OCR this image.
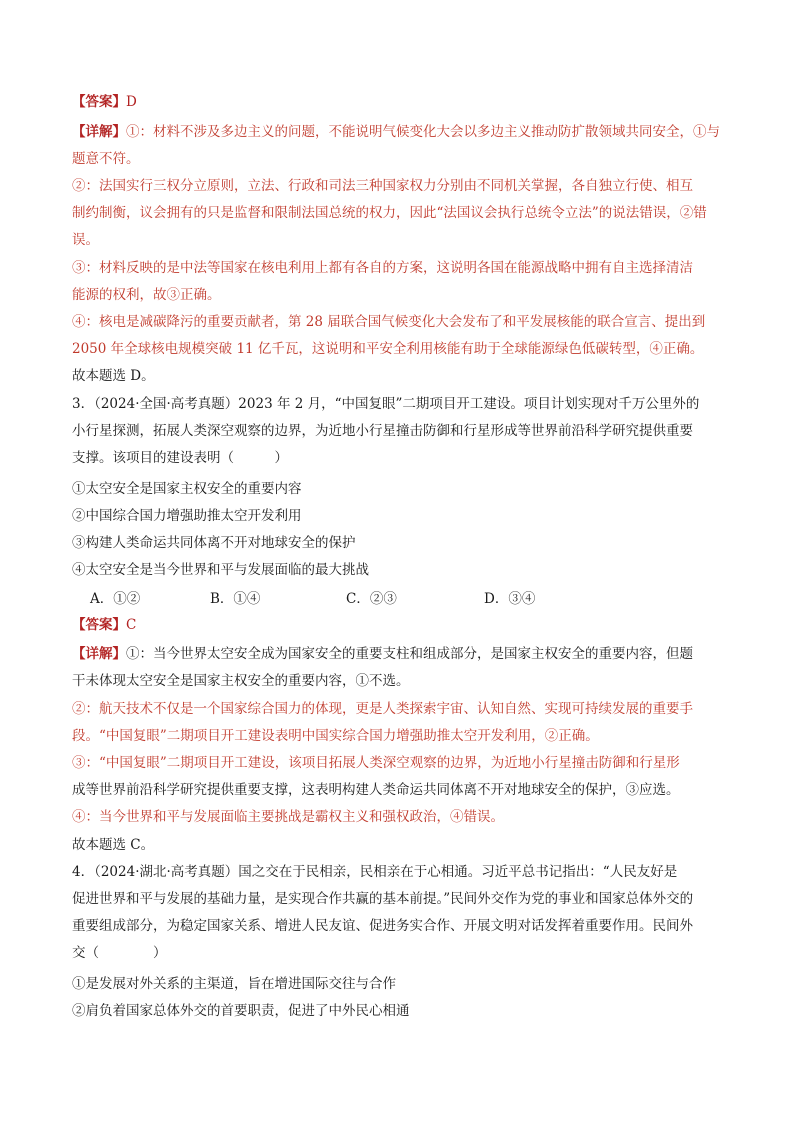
【答案】D
【详解】①：材料不涉及多边主义的问题，不能说明气候变化大会以多边主义推动防扩散领域共同安全，①与
题意不符。
②：法国实行三权分立原则，立法、行政和司法三种国家权力分别由不同机关掌握，各自独立行使、相互
制约制衡，议会拥有的只是监督和限制法国总统的权力，因此“法国议会执行总统令立法”的说法错误，②错
误。
③：材料反映的是中法等国家在核电利用上都有各自的方案，这说明各国在能源战略中拥有自主选择清洁
能源的权利，故③正确。
④：核电是减碳降污的重要贡献者，第 28 届联合国气候变化大会发布了和平发展核能的联合宣言、提出到
2050 年全球核电规模突破 11 亿千瓦，这说明和平安全利用核能有助于全球能源绿色低碳转型，④正确。
故本题选 D。
3．（2024·全国·高考真题）2023 年 2 月，“中国复眼”二期项目开工建设。项目计划实现对千万公里外的
小行星探测，拓展人类深空观察的边界，为近地小行星撞击防御和行星形成等世界前沿科学研究提供重要
支撑。该项目的建设表明（　　　）
①太空安全是国家主权安全的重要内容
②中国综合国力增强助推太空开发利用
③构建人类命运共同体离不开对地球安全的保护
④太空安全是当今世界和平与发展面临的最大挑战
A．①②	B．①④	C．②③	D．③④
【答案】C
【详解】①：当今世界太空安全成为国家安全的重要支柱和组成部分，是国家主权安全的重要内容，但题
干未体现太空安全是国家主权安全的重要内容，①不选。
②：航天技术不仅是一个国家综合国力的体现，更是人类探索宇宙、认知自然、实现可持续发展的重要手
段。“中国复眼”二期项目开工建设表明中国实综合国力增强助推太空开发利用，②正确。
③：“中国复眼”二期项目开工建设，该项目拓展人类深空观察的边界，为近地小行星撞击防御和行星形
成等世界前沿科学研究提供重要支撑，这表明构建人类命运共同体离不开对地球安全的保护，③应选。
④：当今世界和平与发展面临主要挑战是霸权主义和强权政治，④错误。
故本题选 C。
4．（2024·湖北·高考真题）国之交在于民相亲，民相亲在于心相通。习近平总书记指出：“人民友好是
促进世界和平与发展的基础力量，是实现合作共赢的基本前提。”民间外交作为党的事业和国家总体外交的
重要组成部分，为稳定国家关系、增进人民友谊、促进务实合作、开展文明对话发挥着重要作用。民间外
交（　　　　）
①是发展对外关系的主渠道，旨在增进国际交往与合作
②肩负着国家总体外交的首要职责，促进了中外民心相通
